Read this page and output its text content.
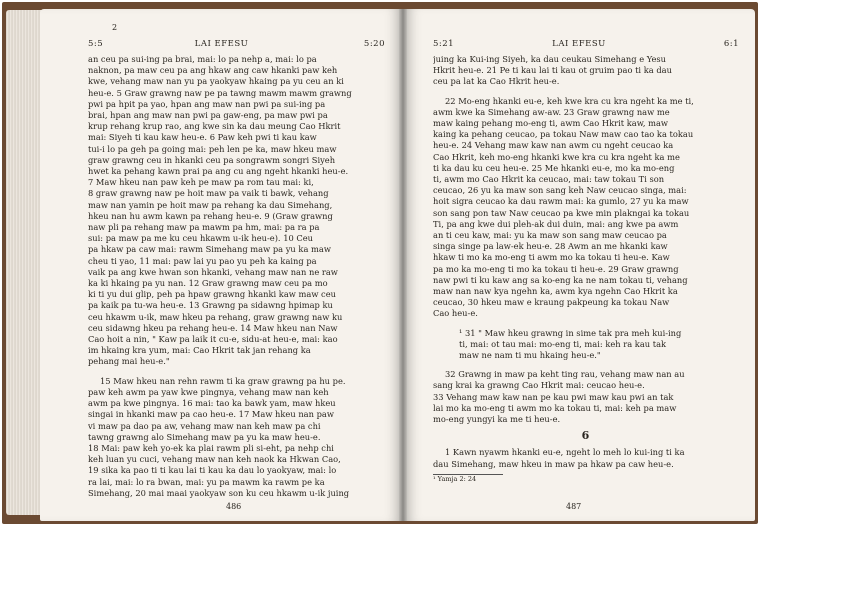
2
5:5	LAI EFESU	5:20
an ceu pa sui-ing pa brai, mai: lo pa nehp a, mai: lo pa
naknon, pa maw ceu pa ang hkaw ang caw hkanki paw keh
kwe, vehang maw nan yu pa yaokyaw hkaing pa yu ceu an ki
heu-e. 5 Graw grawng naw pe pa tawng mawm mawm grawng
pwi pa hpit pa yao, hpan ang maw nan pwi pa sui-ing pa
brai, hpan ang maw nan pwi pa gaw-eng, pa maw pwi pa
krup rehang krup rao, ang kwe sin ka dau meung Cao Hkrit
mai: Siyeh ti kau kaw heu-e. 6 Paw keh pwi ti kau kaw
tui-i lo pa geh pa going mai: peh len pe ka, maw hkeu maw
graw grawng ceu in hkanki ceu pa songrawm songri Siyeh
hwet ka pehang kawn prai pa ang cu ang ngeht hkanki heu-e.
7 Maw hkeu nan paw keh pe maw pa rom tau mai: ki,
8 graw grawng naw pe hoit maw pa vaik ti bawk, vehang
maw nan yamin pe hoit maw pa rehang ka dau Simehang,
hkeu nan hu awm kawn pa rehang heu-e. 9 (Graw grawng
naw pli pa rehang maw pa mawm pa hm, mai: pa ra pa
sui: pa maw pa me ku ceu hkawm u-ik heu-e). 10 Ceu
pa hkaw pa caw mai: rawm Simehang maw pa yu ka maw
cheu ti yao, 11 mai: paw lai yu pao yu peh ka kaing pa
vaik pa ang kwe hwan son hkanki, vehang maw nan ne raw
ka ki hkaing pa yu nan. 12 Graw grawng maw ceu pa mo
ki ti yu dui glip, peh pa hpaw grawng hkanki kaw maw ceu
pa kaik pa tu-wa heu-e. 13 Grawng pa sidawng hpimap ku
ceu hkawm u-ik, maw hkeu pa rehang, graw grawng naw ku
ceu sidawng hkeu pa rehang heu-e. 14 Maw hkeu nan Naw
Cao hoit a nin, " Kaw pa laik it cu-e, sidu-at heu-e, mai: kao
im hkaing kra yum, mai: Cao Hkrit tak jan rehang ka
pehang mai heu-e."
15 Maw hkeu nan rehn rawm ti ka graw grawng pa hu pe.
paw keh awm pa yaw kwe pingnya, vehang maw nan keh
awm pa kwe pingnya. 16 mai: tao ka bawk yam, maw hkeu
singai in hkanki maw pa cao heu-e. 17 Maw hkeu nan paw
vi maw pa dao pa aw, vehang maw nan keh maw pa chi
tawng grawng alo Simehang maw pa yu ka maw heu-e.
18 Mai: paw keh yo-ek ka plai rawm pli si-eht, pa nehp chi
keh luan yu cuci, vehang maw nan keh naok ka Hkwan Cao,
19 sika ka pao ti ti kau lai ti kau ka dau lo yaokyaw, mai: lo
ra lai, mai: lo ra bwan, mai: yu pa mawm ka rawm pe ka
Simehang, 20 mai maai yaokyaw son ku ceu hkawm u-ik juing
486
5:21	LAI EFESU	6:1
juing ka Kui-ing Siyeh, ka dau ceukau Simehang e Yesu
Hkrit heu-e. 21 Pe ti kau lai ti kau ot gruim pao ti ka dau
ceu pa lat ka Cao Hkrit heu-e.
22 Mo-eng hkanki eu-e, keh kwe kra cu kra ngeht ka me ti,
awm kwe ka Simehang aw-aw. 23 Graw grawng naw me
maw kaing pehang mo-eng ti, awm Cao Hkrit kaw, maw
kaing ka pehang ceucao, pa tokau Naw maw cao tao ka tokau
heu-e. 24 Vehang maw kaw nan awm cu ngeht ceucao ka
Cao Hkrit, keh mo-eng hkanki kwe kra cu kra ngeht ka me
ti ka dau ku ceu heu-e. 25 Me hkanki eu-e, mo ka mo-eng
ti, awm mo Cao Hkrit ka ceucao, mai: taw tokau Ti son
ceucao, 26 yu ka maw son sang keh Naw ceucao singa, mai:
hoit sigra ceucao ka dau rawm mai: ka gumlo, 27 yu ka maw
son sang pon taw Naw ceucao pa kwe min plakngai ka tokau
Ti, pa ang kwe dui pleh-ak dui duin, mai: ang kwe pa awm
an ti ceu kaw, mai: yu ka maw son sang maw ceucao pa
singa singe pa law-ek heu-e. 28 Awm an me hkanki kaw
hkaw ti mo ka mo-eng ti awm mo ka tokau ti heu-e. Kaw
pa mo ka mo-eng ti mo ka tokau ti heu-e. 29 Graw grawng
naw pwi ti ku kaw ang sa ko-eng ka ne nam tokau ti, vehang
maw nan naw kya ngehn ka, awm kya ngehn Cao Hkrit ka
ceucao, 30 hkeu maw e kraung pakpeung ka tokau Naw
Cao heu-e.
¹ 31 " Maw hkeu grawng in sime tak pra meh kui-ing
ti, mai: ot tau mai: mo-eng ti, mai: keh ra kau tak
maw ne nam ti mu hkaing heu-e."
32 Grawng in maw pa keht ting rau, vehang maw nan au
sang krai ka grawng Cao Hkrit mai: ceucao heu-e.
33 Vehang maw kaw nan pe kau pwi maw kau pwi an tak
lai mo ka mo-eng ti awm mo ka tokau ti, mai: keh pa maw
mo-eng yungyi ka me ti heu-e.
6
1 Kawn nyawm hkanki eu-e, ngeht lo meh lo kui-ing ti ka
dau Simehang, maw hkeu in maw pa hkaw pa caw heu-e.
¹ Yamja 2: 24
487
